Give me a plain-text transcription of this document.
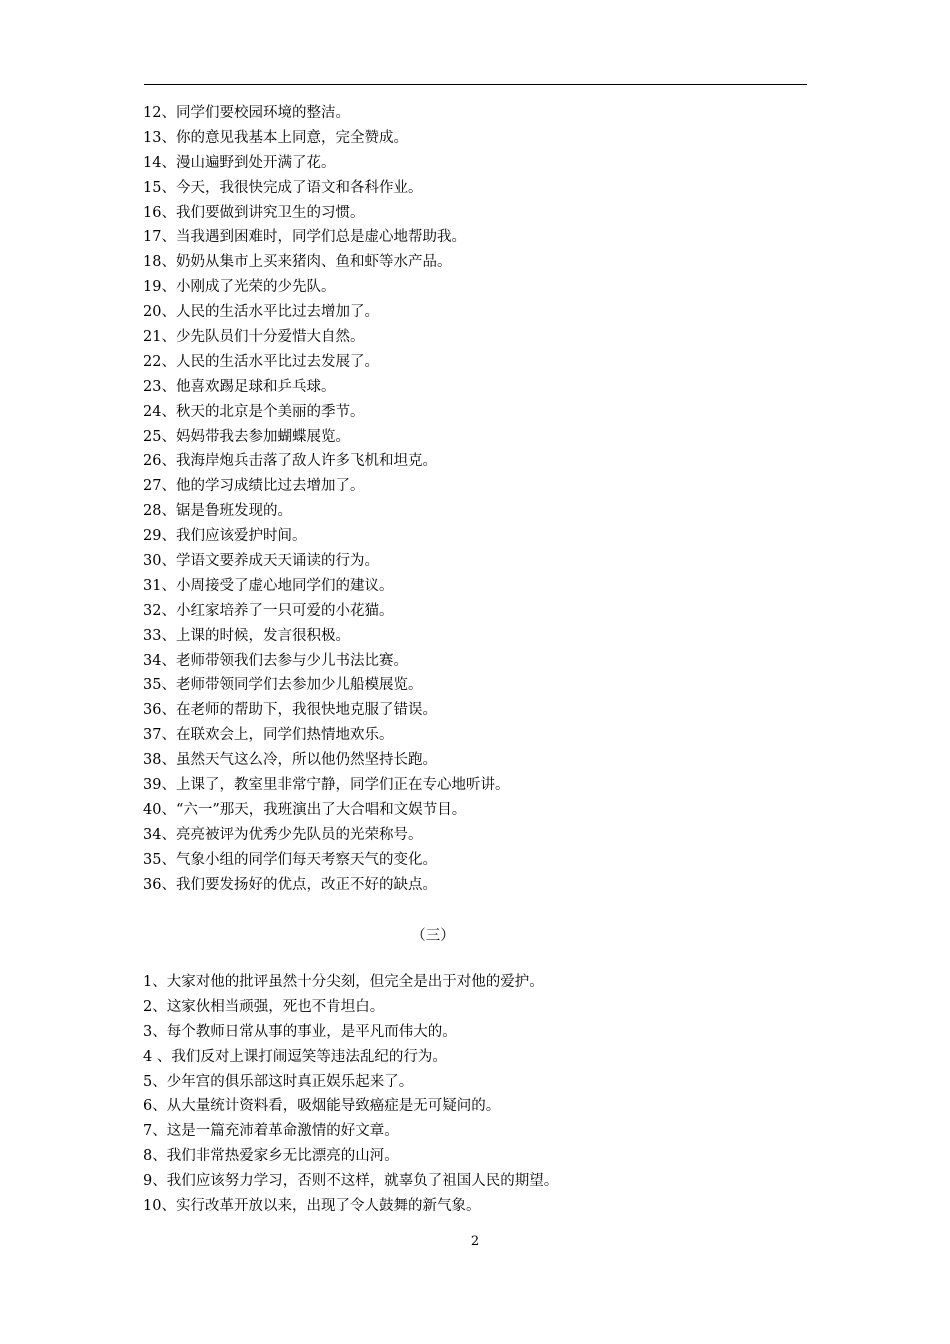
12、同学们要校园环境的整洁。
13、你的意见我基本上同意，完全赞成。
14、漫山遍野到处开满了花。
15、今天，我很快完成了语文和各科作业。
16、我们要做到讲究卫生的习惯。
17、当我遇到困难时，同学们总是虚心地帮助我。
18、奶奶从集市上买来猪肉、鱼和虾等水产品。
19、小刚成了光荣的少先队。
20、人民的生活水平比过去增加了。
21、少先队员们十分爱惜大自然。
22、人民的生活水平比过去发展了。
23、他喜欢踢足球和乒乓球。
24、秋天的北京是个美丽的季节。
25、妈妈带我去参加蝴蝶展览。
26、我海岸炮兵击落了敌人许多飞机和坦克。
27、他的学习成绩比过去增加了。
28、锯是鲁班发现的。
29、我们应该爱护时间。
30、学语文要养成天天诵读的行为。
31、小周接受了虚心地同学们的建议。
32、小红家培养了一只可爱的小花猫。
33、上课的时候，发言很积极。
34、老师带领我们去参与少儿书法比赛。
35、老师带领同学们去参加少儿船模展览。
36、在老师的帮助下，我很快地克服了错误。
37、在联欢会上，同学们热情地欢乐。
38、虽然天气这么冷，所以他仍然坚持长跑。
39、上课了，教室里非常宁静，同学们正在专心地听讲。
40、“六一”那天，我班演出了大合唱和文娱节目。
34、亮亮被评为优秀少先队员的光荣称号。
35、气象小组的同学们每天考察天气的变化。
36、我们要发扬好的优点，改正不好的缺点。
（三）
1、大家对他的批评虽然十分尖刻，但完全是出于对他的爱护。
2、这家伙相当顽强，死也不肯坦白。
3、每个教师日常从事的事业，是平凡而伟大的。
4 、我们反对上课打闹逗笑等违法乱纪的行为。
5、少年宫的俱乐部这时真正娱乐起来了。
6、从大量统计资料看，吸烟能导致癌症是无可疑问的。
7、这是一篇充沛着革命激情的好文章。
8、我们非常热爱家乡无比漂亮的山河。
9、我们应该努力学习，否则不这样，就辜负了祖国人民的期望。
10、实行改革开放以来，出现了令人鼓舞的新气象。
2
